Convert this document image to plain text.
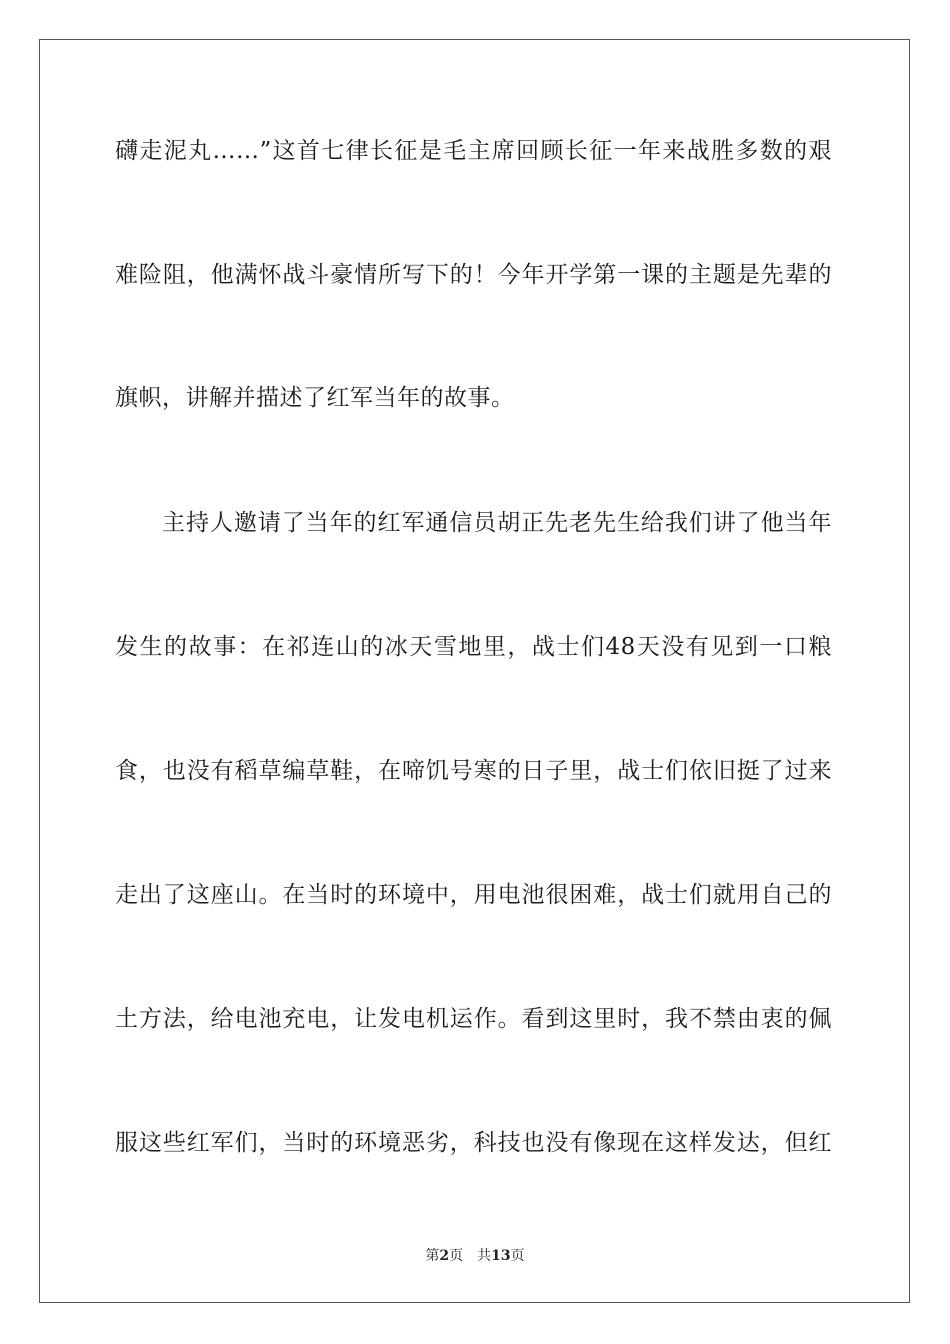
礴走泥丸……”这首七律长征是毛主席回顾长征一年来战胜多数的艰
难险阻，他满怀战斗豪情所写下的！今年开学第一课的主题是先辈的
旗帜，讲解并描述了红军当年的故事。
主持人邀请了当年的红军通信员胡正先老先生给我们讲了他当年
发生的故事：在祁连山的冰天雪地里，战士们48天没有见到一口粮
食，也没有稻草编草鞋，在啼饥号寒的日子里，战士们依旧挺了过来
走出了这座山。在当时的环境中，用电池很困难，战士们就用自己的
土方法，给电池充电，让发电机运作。看到这里时，我不禁由衷的佩
服这些红军们，当时的环境恶劣，科技也没有像现在这样发达，但红
第2页 共13页
